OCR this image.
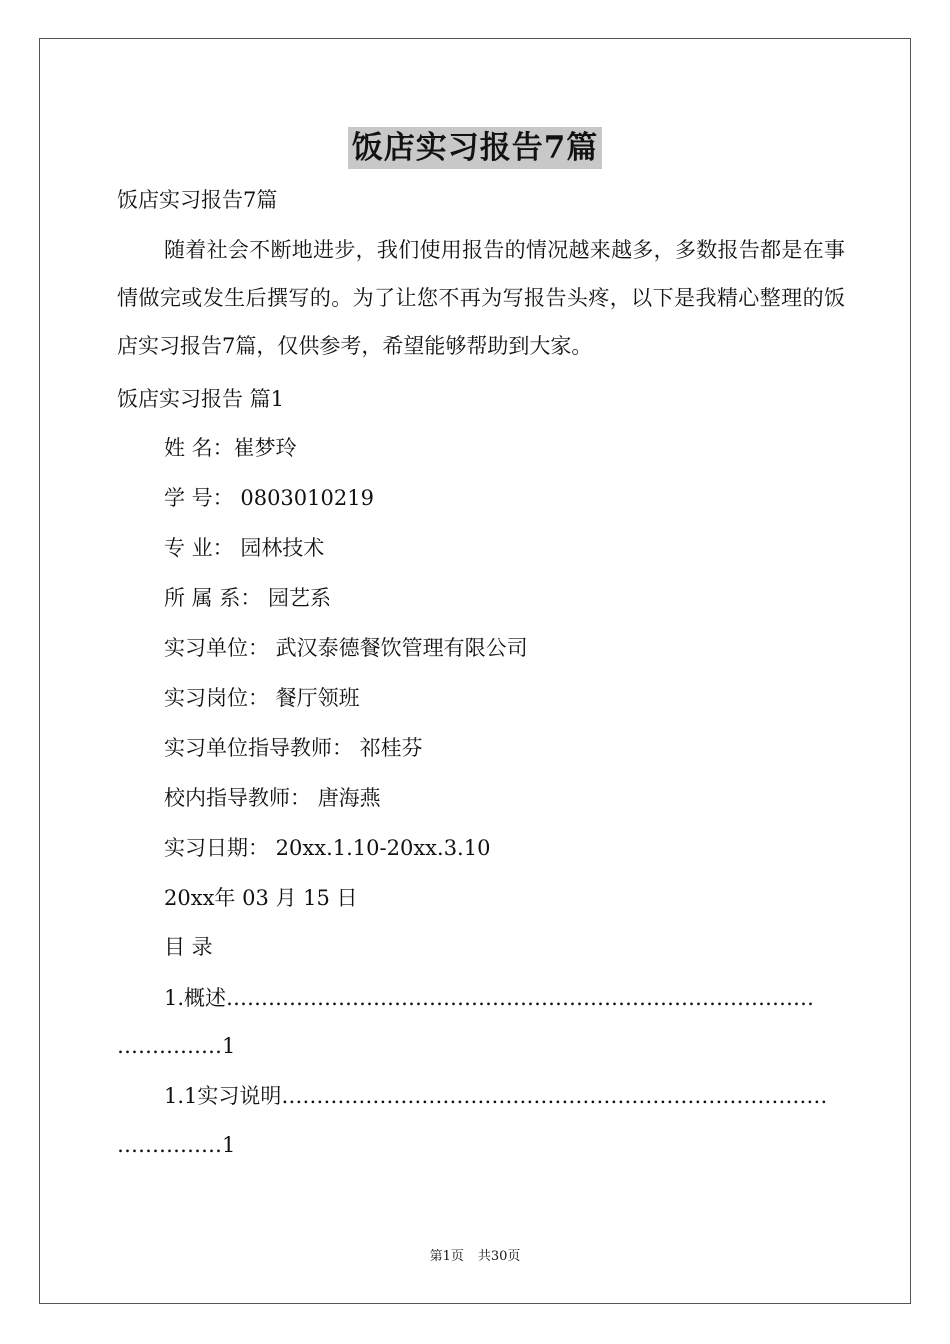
饭店实习报告7篇
饭店实习报告7篇
随着社会不断地进步，我们使用报告的情况越来越多，多数报告都是在事情做完或发生后撰写的。为了让您不再为写报告头疼，以下是我精心整理的饭店实习报告7篇，仅供参考，希望能够帮助到大家。
饭店实习报告 篇1
姓 名：崔梦玲
学 号： 0803010219
专 业： 园林技术
所 属 系： 园艺系
实习单位： 武汉泰德餐饮管理有限公司
实习岗位： 餐厅领班
实习单位指导教师： 祁桂芬
校内指导教师： 唐海燕
实习日期： 20xx.1.10-20xx.3.10
20xx年 03 月 15 日
目 录
1.概述…………………………………………………………………………
……………1
1.1实习说明……………………………………………………………………
……………1
第1页 共30页
